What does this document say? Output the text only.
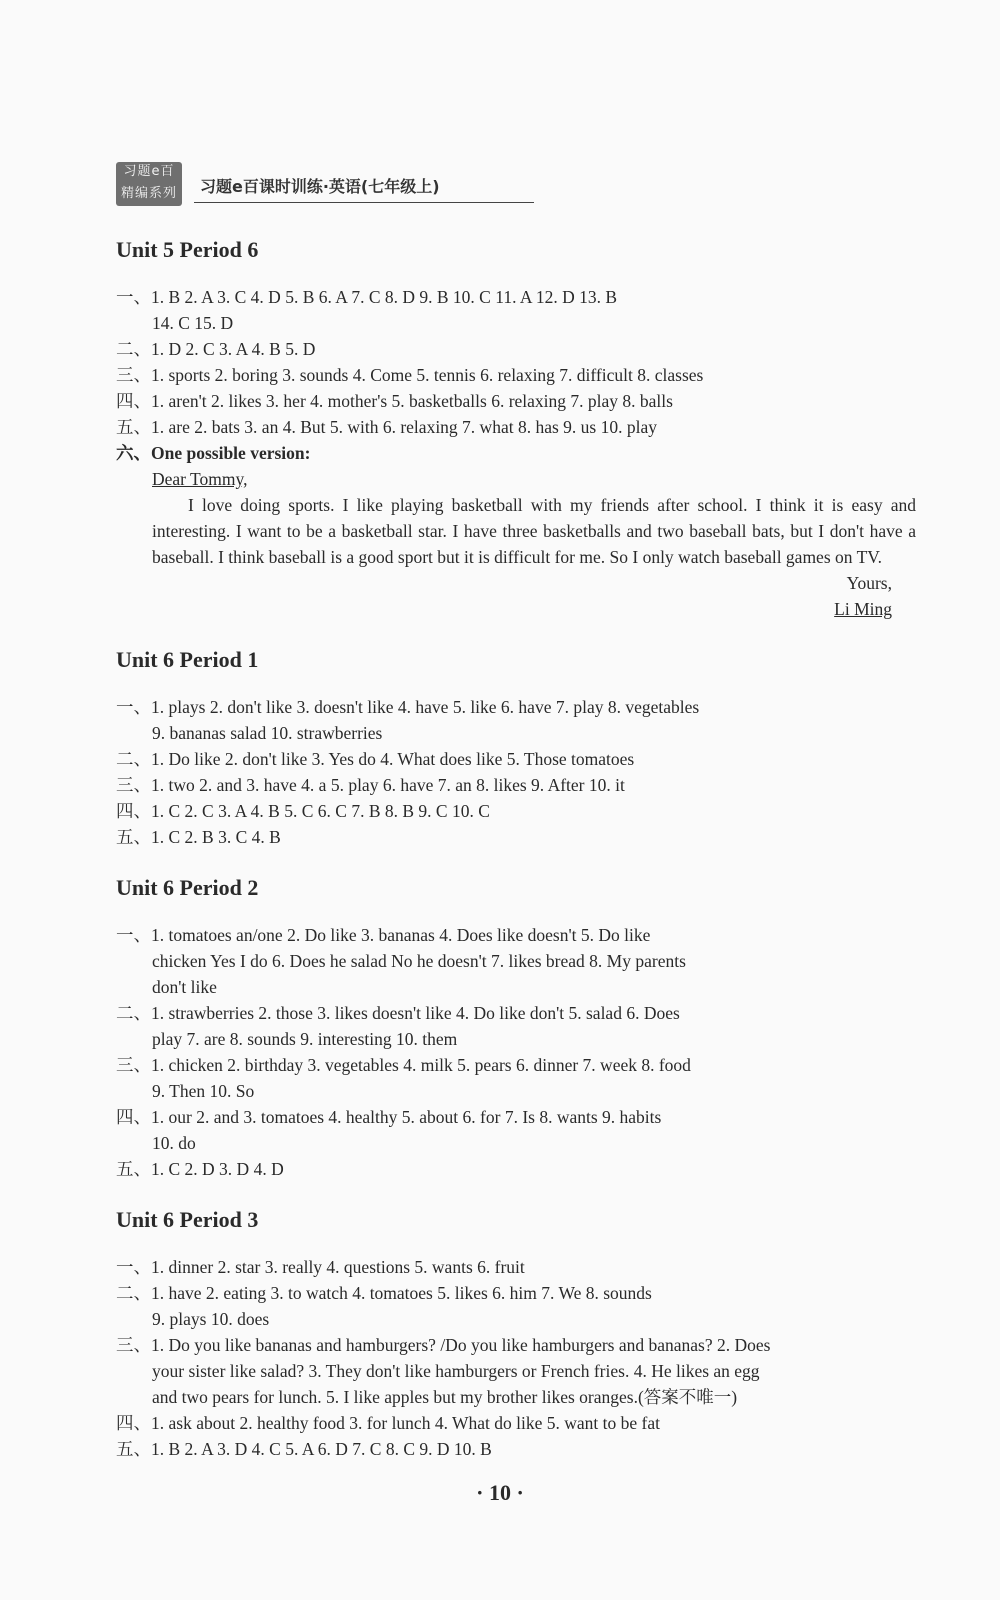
习题e百
精编系列	习题e百课时训练·英语(七年级上)
Unit 5 Period 6
一、1. B 2. A 3. C 4. D 5. B 6. A 7. C 8. D 9. B 10. C 11. A 12. D 13. B
14. C 15. D
二、1. D 2. C 3. A 4. B 5. D
三、1. sports 2. boring 3. sounds 4. Come 5. tennis 6. relaxing 7. difficult 8. classes
四、1. aren't 2. likes 3. her 4. mother's 5. basketballs 6. relaxing 7. play 8. balls
五、1. are 2. bats 3. an 4. But 5. with 6. relaxing 7. what 8. has 9. us 10. play
六、One possible version:

Dear Tommy,

I love doing sports. I like playing basketball with my friends after school. I think it is easy and interesting. I want to be a basketball star. I have three basketballs and two baseball bats, but I don't have a baseball. I think baseball is a good sport but it is difficult for me. So I only watch baseball games on TV.

Yours,
Li Ming
Unit 6 Period 1
一、1. plays 2. don't like 3. doesn't like 4. have 5. like 6. have 7. play 8. vegetables
9. bananas salad 10. strawberries
二、1. Do like 2. don't like 3. Yes do 4. What does like 5. Those tomatoes
三、1. two 2. and 3. have 4. a 5. play 6. have 7. an 8. likes 9. After 10. it
四、1. C 2. C 3. A 4. B 5. C 6. C 7. B 8. B 9. C 10. C
五、1. C 2. B 3. C 4. B
Unit 6 Period 2
一、1. tomatoes an/one 2. Do like 3. bananas 4. Does like doesn't 5. Do like
chicken Yes I do 6. Does he salad No he doesn't 7. likes bread 8. My parents
don't like
二、1. strawberries 2. those 3. likes doesn't like 4. Do like don't 5. salad 6. Does
play 7. are 8. sounds 9. interesting 10. them
三、1. chicken 2. birthday 3. vegetables 4. milk 5. pears 6. dinner 7. week 8. food
9. Then 10. So
四、1. our 2. and 3. tomatoes 4. healthy 5. about 6. for 7. Is 8. wants 9. habits
10. do
五、1. C 2. D 3. D 4. D
Unit 6 Period 3
一、1. dinner 2. star 3. really 4. questions 5. wants 6. fruit
二、1. have 2. eating 3. to watch 4. tomatoes 5. likes 6. him 7. We 8. sounds
9. plays 10. does
三、1. Do you like bananas and hamburgers? /Do you like hamburgers and bananas? 2. Does
your sister like salad? 3. They don't like hamburgers or French fries. 4. He likes an egg
and two pears for lunch. 5. I like apples but my brother likes oranges.(答案不唯一)
四、1. ask about 2. healthy food 3. for lunch 4. What do like 5. want to be fat
五、1. B 2. A 3. D 4. C 5. A 6. D 7. C 8. C 9. D 10. B
· 10 ·
